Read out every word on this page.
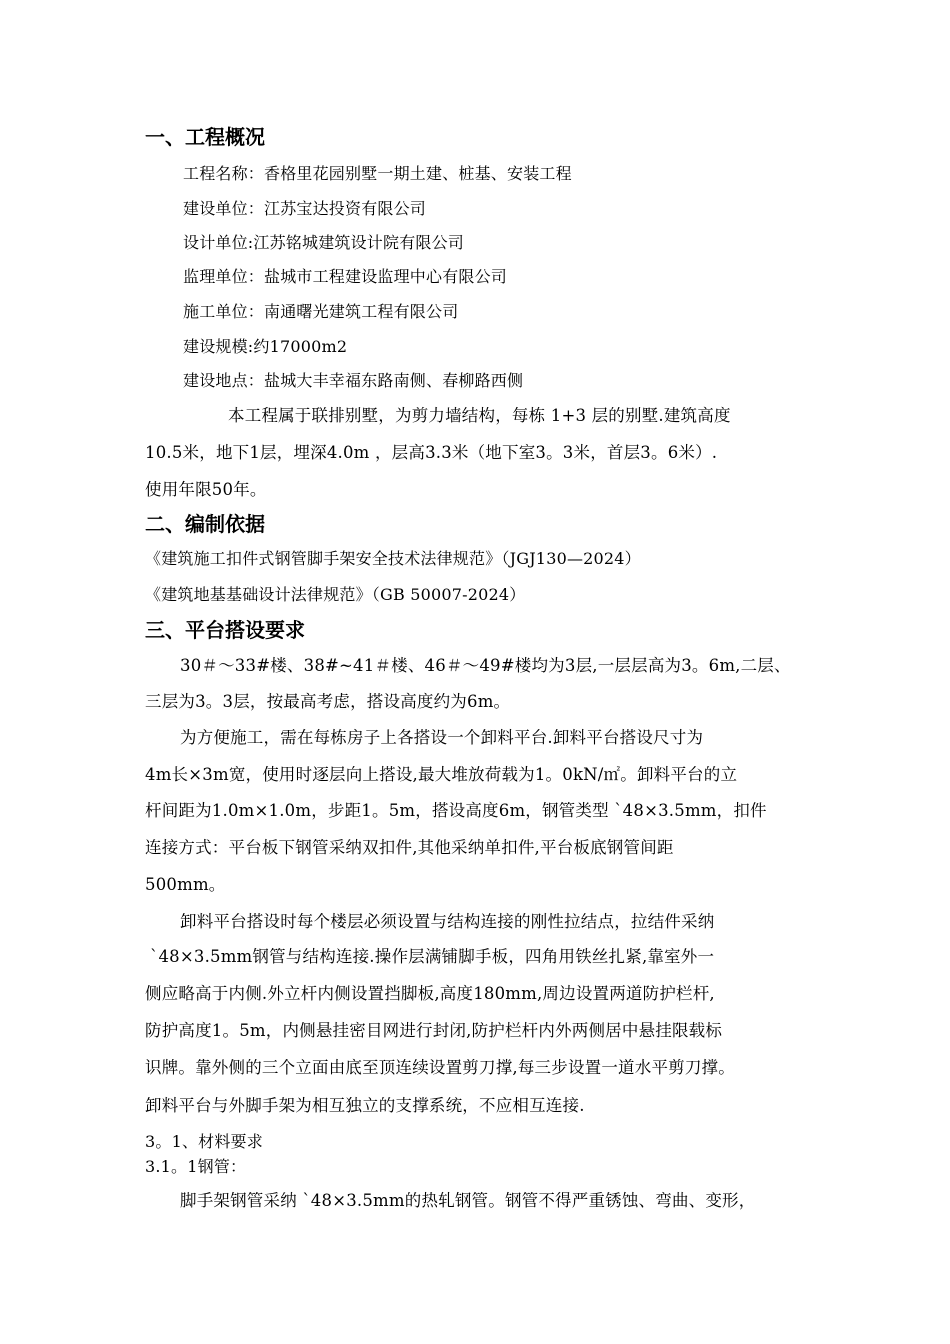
一、工程概况
工程名称：香格里花园别墅一期土建、桩基、安装工程
建设单位：江苏宝达投资有限公司
设计单位:江苏铭城建筑设计院有限公司
监理单位：盐城市工程建设监理中心有限公司
施工单位：南通曙光建筑工程有限公司
建设规模:约17000m2
建设地点：盐城大丰幸福东路南侧、春柳路西侧
本工程属于联排别墅，为剪力墙结构，每栋 1+3 层的别墅.建筑高度
10.5米，地下1层，埋深4.0m ，层高3.3米（地下室3。3米，首层3。6米）.
使用年限50年。
二、编制依据
《建筑施工扣件式钢管脚手架安全技术法律规范》（JGJ130—2024）
《建筑地基基础设计法律规范》（GB 50007-2024）
三、平台搭设要求
30＃～33#楼、38#~41＃楼、46＃～49#楼均为3层,一层层高为3。6m,二层、
三层为3。3层，按最高考虑，搭设高度约为6m。
为方便施工，需在每栋房子上各搭设一个卸料平台.卸料平台搭设尺寸为
4m长×3m宽，使用时逐层向上搭设,最大堆放荷载为1。0kN/㎡。卸料平台的立
杆间距为1.0m×1.0m，步距1。5m，搭设高度6m，钢管类型 `48×3.5mm，扣件
连接方式：平台板下钢管采纳双扣件,其他采纳单扣件,平台板底钢管间距
500mm。
卸料平台搭设时每个楼层必须设置与结构连接的刚性拉结点，拉结件采纳
`48×3.5mm钢管与结构连接.操作层满铺脚手板，四角用铁丝扎紧,靠室外一
侧应略高于内侧.外立杆内侧设置挡脚板,高度180mm,周边设置两道防护栏杆,
防护高度1。5m，内侧悬挂密目网进行封闭,防护栏杆内外两侧居中悬挂限载标
识牌。靠外侧的三个立面由底至顶连续设置剪刀撑,每三步设置一道水平剪刀撑。
卸料平台与外脚手架为相互独立的支撑系统，不应相互连接.
3。1、材料要求
3.1。1钢管：
脚手架钢管采纳 `48×3.5mm的热轧钢管。钢管不得严重锈蚀、弯曲、变形，
